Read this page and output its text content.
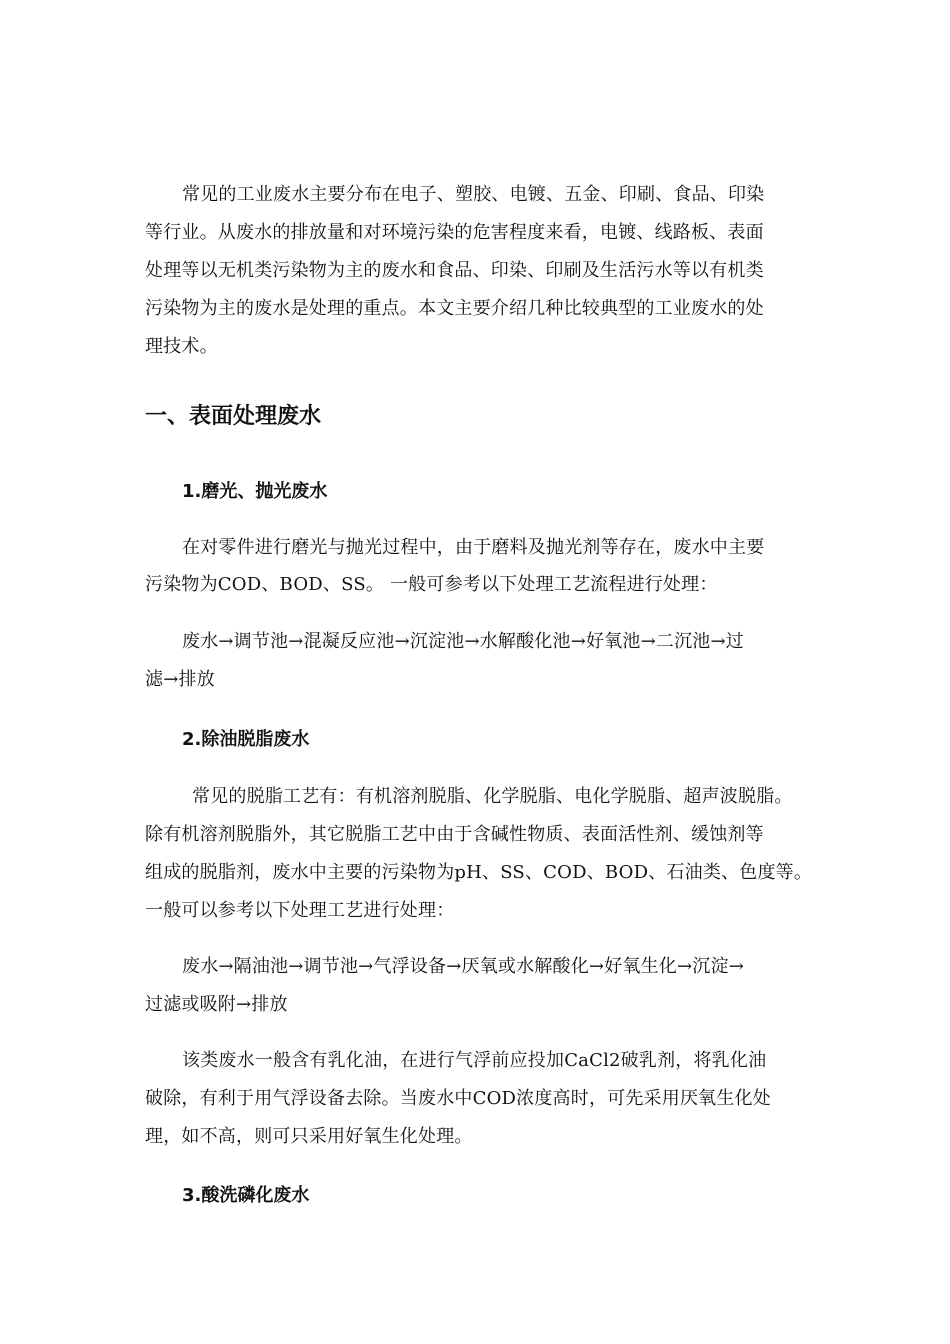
常见的工业废水主要分布在电子、塑胶、电镀、五金、印刷、食品、印染
等行业。从废水的排放量和对环境污染的危害程度来看，电镀、线路板、表面
处理等以无机类污染物为主的废水和食品、印染、印刷及生活污水等以有机类
污染物为主的废水是处理的重点。本文主要介绍几种比较典型的工业废水的处
理技术。
一、表面处理废水
1.磨光、抛光废水
在对零件进行磨光与抛光过程中，由于磨料及抛光剂等存在，废水中主要
污染物为COD、BOD、SS。 一般可参考以下处理工艺流程进行处理：
废水→调节池→混凝反应池→沉淀池→水解酸化池→好氧池→二沉池→过
滤→排放
2.除油脱脂废水
常见的脱脂工艺有：有机溶剂脱脂、化学脱脂、电化学脱脂、超声波脱脂。
除有机溶剂脱脂外，其它脱脂工艺中由于含碱性物质、表面活性剂、缓蚀剂等
组成的脱脂剂，废水中主要的污染物为pH、SS、COD、BOD、石油类、色度等。
一般可以参考以下处理工艺进行处理：
废水→隔油池→调节池→气浮设备→厌氧或水解酸化→好氧生化→沉淀→
过滤或吸附→排放
该类废水一般含有乳化油，在进行气浮前应投加CaCl2破乳剂，将乳化油
破除，有利于用气浮设备去除。当废水中COD浓度高时，可先采用厌氧生化处
理，如不高，则可只采用好氧生化处理。
3.酸洗磷化废水
